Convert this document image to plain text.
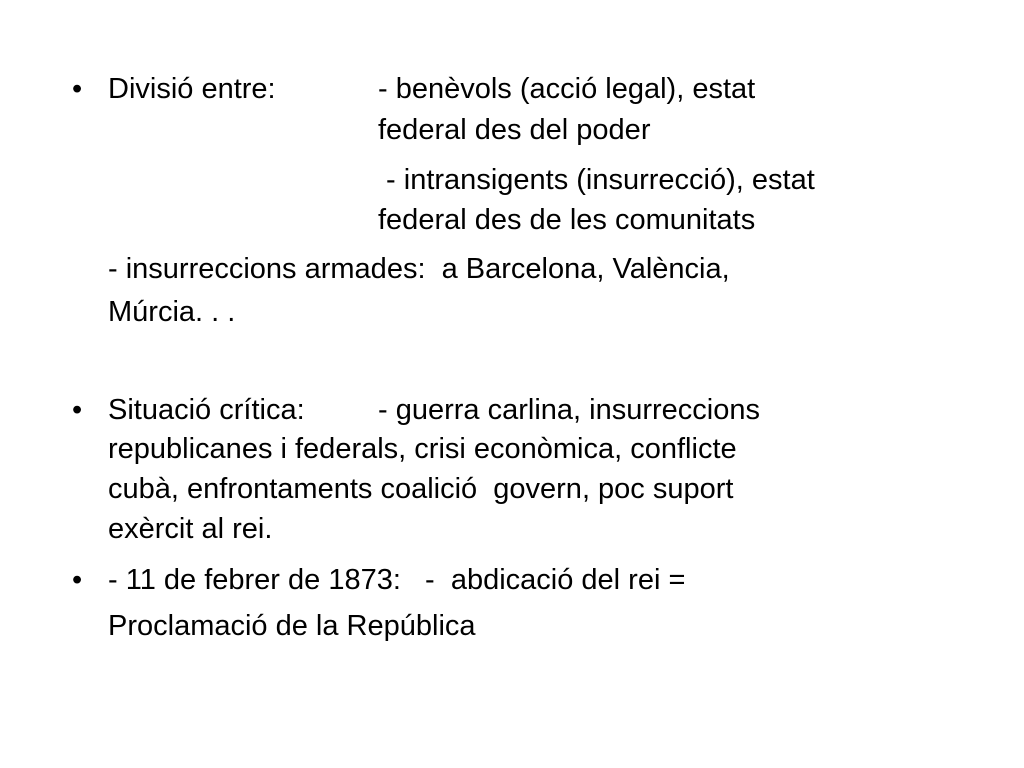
• Divisió entre:	- benèvols (acció legal), estat
federal des del poder
- intransigents (insurrecció), estat
federal des de les comunitats
- insurreccions armades:  a Barcelona, València,
Múrcia. . .
• Situació crítica:	- guerra carlina, insurreccions
republicanes i federals, crisi econòmica, conflicte
cubà, enfrontaments coalició  govern, poc suport
exèrcit al rei.
• - 11 de febrer de 1873:   -  abdicació del rei =
Proclamació de la República
